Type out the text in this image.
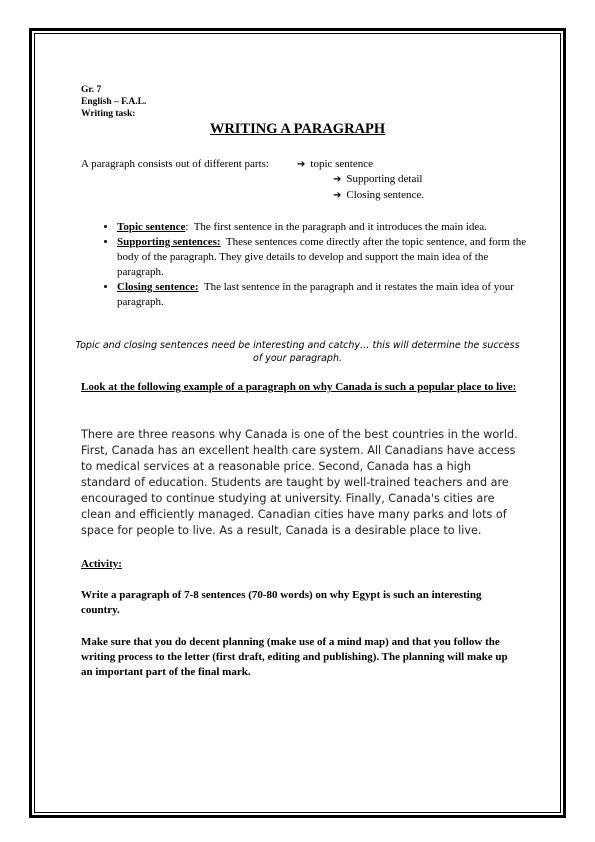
Gr. 7
English – F.A.L.
Writing task:
WRITING A PARAGRAPH
A paragraph consists out of different parts:	➔ topic sentence
➔ Supporting detail
➔ Closing sentence.
• Topic sentence:  The first sentence in the paragraph and it introduces the main idea.
• Supporting sentences: These sentences come directly after the topic sentence, and form the body of the paragraph. They give details to develop and support the main idea of the paragraph.
• Closing sentence: The last sentence in the paragraph and it restates the main idea of your paragraph.
Topic and closing sentences need be interesting and catchy… this will determine the success of your paragraph.
Look at the following example of a paragraph on why Canada is such a popular place to live:
There are three reasons why Canada is one of the best countries in the world. First, Canada has an excellent health care system. All Canadians have access to medical services at a reasonable price. Second, Canada has a high standard of education. Students are taught by well-trained teachers and are encouraged to continue studying at university. Finally, Canada's cities are clean and efficiently managed. Canadian cities have many parks and lots of space for people to live. As a result, Canada is a desirable place to live.
Activity:
Write a paragraph of 7-8 sentences (70-80 words) on why Egypt is such an interesting country.
Make sure that you do decent planning (make use of a mind map) and that you follow the writing process to the letter (first draft, editing and publishing). The planning will make up an important part of the final mark.
